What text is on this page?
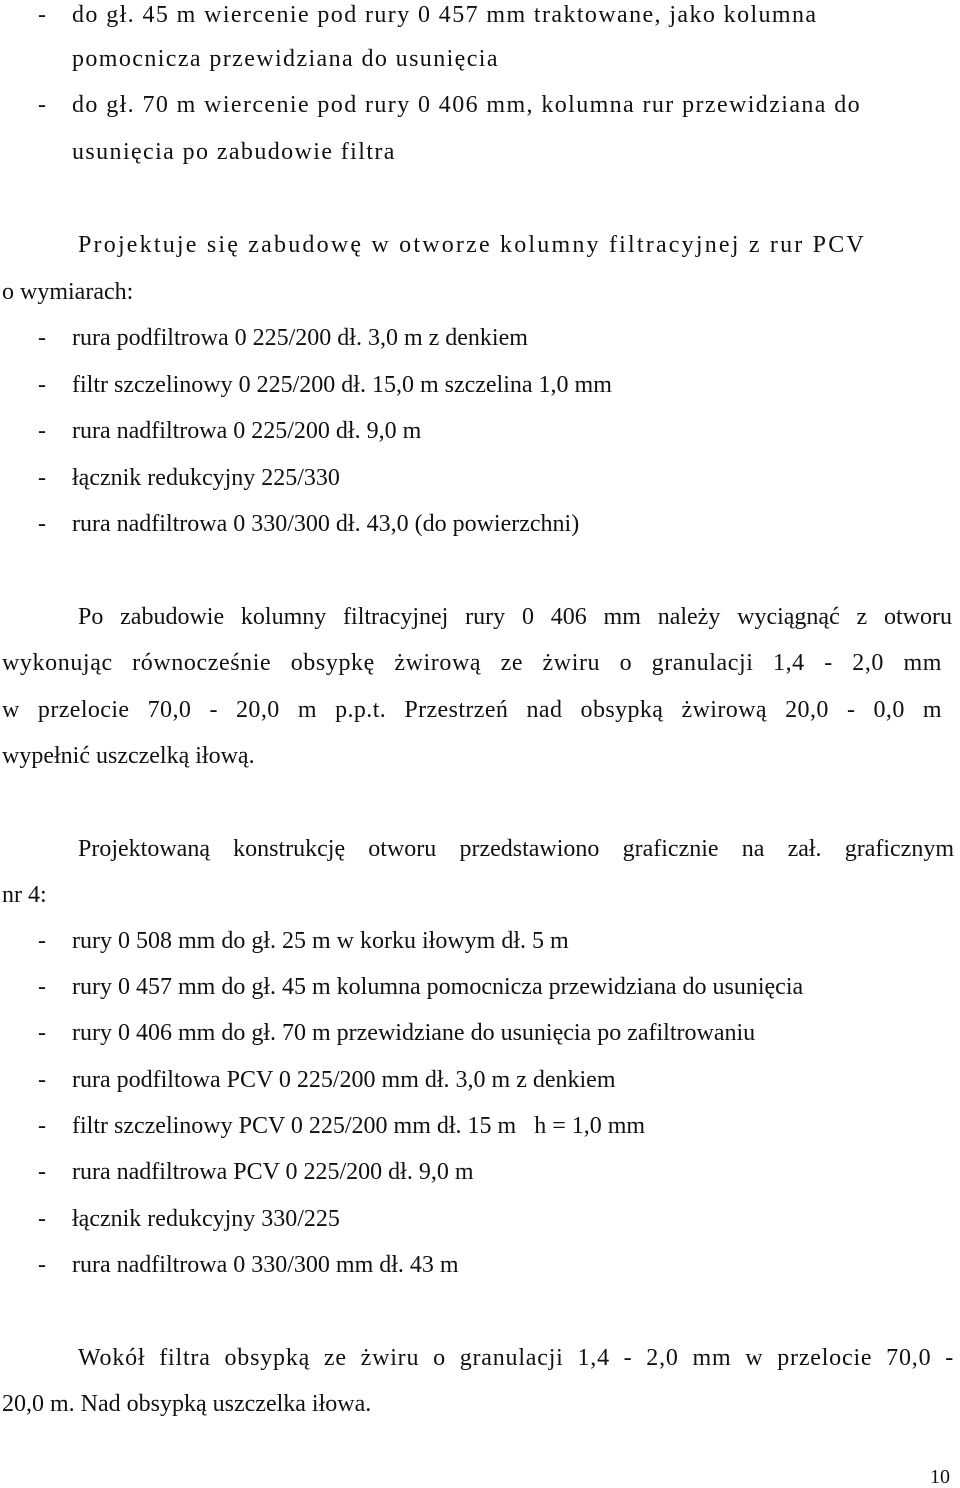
- do gł. 45 m wiercenie pod rury 0 457 mm traktowane, jako kolumna
pomocnicza przewidziana do usunięcia
- do gł. 70 m wiercenie pod rury 0 406 mm, kolumna rur przewidziana do
usunięcia po zabudowie filtra
Projektuje się zabudowę w otworze kolumny filtracyjnej z rur PCV
o wymiarach:
- rura podfiltrowa 0 225/200 dł. 3,0 m z denkiem
- filtr szczelinowy 0 225/200 dł. 15,0 m szczelina 1,0 mm
- rura nadfiltrowa 0 225/200 dł. 9,0 m
- łącznik redukcyjny 225/330
- rura nadfiltrowa 0 330/300 dł. 43,0 (do powierzchni)
Po zabudowie kolumny filtracyjnej rury 0 406 mm należy wyciągnąć z otworu
wykonując równocześnie obsypkę żwirową ze żwiru o granulacji 1,4 - 2,0 mm
w przelocie 70,0 - 20,0 m p.p.t. Przestrzeń nad obsypką żwirową 20,0 - 0,0 m
wypełnić uszczelką iłową.
Projektowaną konstrukcję otworu przedstawiono graficznie na zał. graficznym
nr 4:
- rury 0 508 mm do gł. 25 m w korku iłowym dł. 5 m
- rury 0 457 mm do gł. 45 m kolumna pomocnicza przewidziana do usunięcia
- rury 0 406 mm do gł. 70 m przewidziane do usunięcia po zafiltrowaniu
- rura podfiltowa PCV 0 225/200 mm dł. 3,0 m z denkiem
- filtr szczelinowy PCV 0 225/200 mm dł. 15 m   h = 1,0 mm
- rura nadfiltrowa PCV 0 225/200 dł. 9,0 m
- łącznik redukcyjny 330/225
- rura nadfiltrowa 0 330/300 mm dł. 43 m
Wokół filtra obsypką ze żwiru o granulacji 1,4 - 2,0 mm w przelocie 70,0 -
20,0 m. Nad obsypką uszczelka iłowa.
10
